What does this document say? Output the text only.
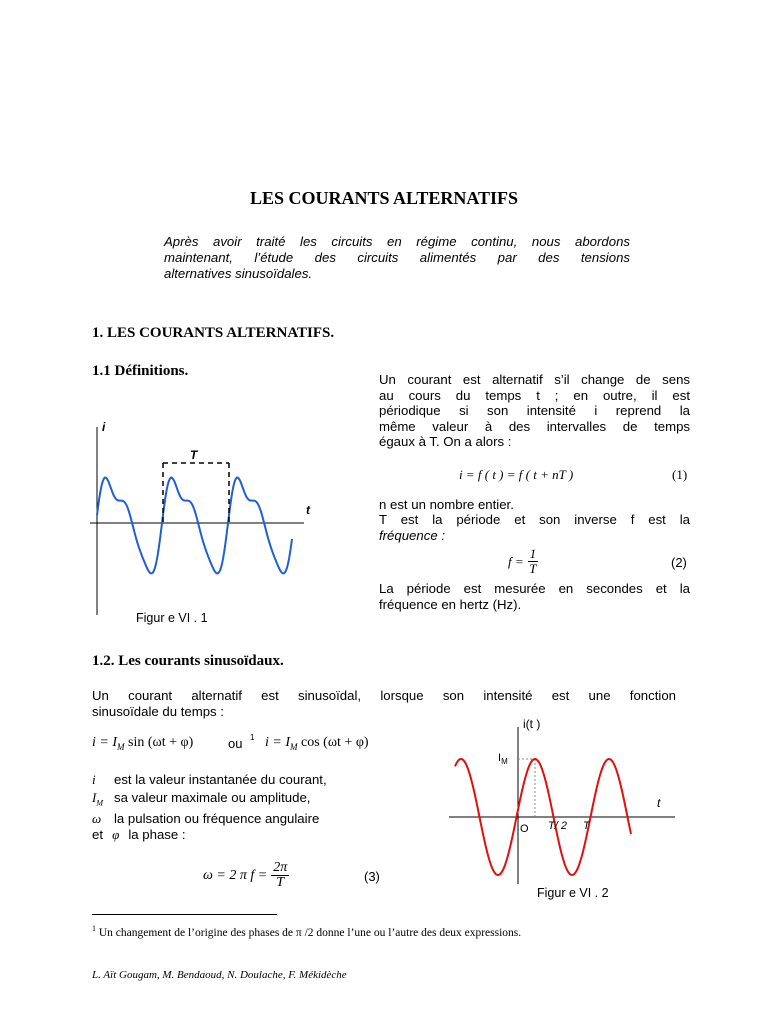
LES COURANTS ALTERNATIFS
Après avoir traité les circuits en régime continu, nous abordons
maintenant, l’étude des circuits alimentés par des tensions
alternatives sinusoïdales.
1. LES COURANTS ALTERNATIFS.
1.1 Définitions.
Un courant est alternatif s’il change de sens
au cours du temps t ; en outre, il est
périodique si son intensité i reprend la
même valeur à des intervalles de temps
égaux à T. On a alors :
i = f ( t ) = f ( t + nT )	(1)
n est un nombre entier.
T est la période et son inverse f est la
fréquence :
$f = \frac{1}{T}$	(2)
La période est mesurée en secondes et la
fréquence en hertz (Hz).
i
t
T
Figur e VI . 1
1.2. Les courants sinusoïdaux.
Un courant alternatif est sinusoïdal, lorsque son intensité est une fonction
sinusoïdale du temps :
$i = I_M$ sin (ωt + φ)	ou 1 $i = I_M$ cos (ωt + φ)
i est la valeur instantanée du courant,
$I_M$ sa valeur maximale ou amplitude,
ω la pulsation ou fréquence angulaire
et φ la phase :
ω = 2 π $f = \frac{2\pi}{T}$	(3)
i(t )
t
$I_M$
O T/ 2 T
Figur e VI . 2
$^1$ Un changement de l’origine des phases de π /2 donne l’une ou l’autre des deux expressions.
L. Aït Gougam, M. Bendaoud, N. Doulache, F. Mékidèche
